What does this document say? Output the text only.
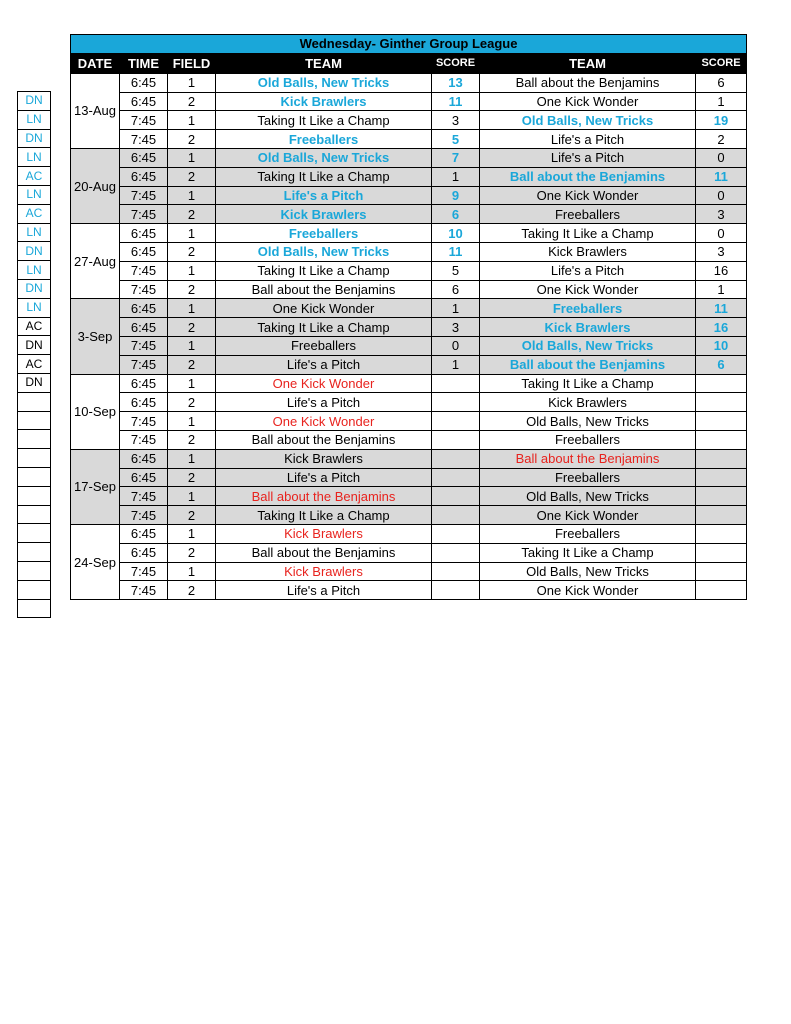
DN
LN
DN
LN
AC
LN
AC
LN
DN
LN
DN
LN
AC
DN
AC
DN

Wednesday- Ginther Group League						
DATE	TIME	FIELD	TEAM	SCORE	TEAM	SCORE
13-Aug	6:45	1	Old Balls, New Tricks	13	Ball about the Benjamins	6
	6:45	2	Kick Brawlers	11	One Kick Wonder	1
	7:45	1	Taking It Like a Champ	3	Old Balls, New Tricks	19
	7:45	2	Freeballers	5	Life's a Pitch	2
20-Aug	6:45	1	Old Balls, New Tricks	7	Life's a Pitch	0
	6:45	2	Taking It Like a Champ	1	Ball about the Benjamins	11
	7:45	1	Life's a Pitch	9	One Kick Wonder	0
	7:45	2	Kick Brawlers	6	Freeballers	3
27-Aug	6:45	1	Freeballers	10	Taking It Like a Champ	0
	6:45	2	Old Balls, New Tricks	11	Kick Brawlers	3
	7:45	1	Taking It Like a Champ	5	Life's a Pitch	16
	7:45	2	Ball about the Benjamins	6	One Kick Wonder	1
3-Sep	6:45	1	One Kick Wonder	1	Freeballers	11
	6:45	2	Taking It Like a Champ	3	Kick Brawlers	16
	7:45	1	Freeballers	0	Old Balls, New Tricks	10
	7:45	2	Life's a Pitch	1	Ball about the Benjamins	6
10-Sep	6:45	1	One Kick Wonder		Taking It Like a Champ	
	6:45	2	Life's a Pitch		Kick Brawlers	
	7:45	1	One Kick Wonder		Old Balls, New Tricks	
	7:45	2	Ball about the Benjamins		Freeballers	
17-Sep	6:45	1	Kick Brawlers		Ball about the Benjamins	
	6:45	2	Life's a Pitch		Freeballers	
	7:45	1	Ball about the Benjamins		Old Balls, New Tricks	
	7:45	2	Taking It Like a Champ		One Kick Wonder	
24-Sep	6:45	1	Kick Brawlers		Freeballers	
	6:45	2	Ball about the Benjamins		Taking It Like a Champ	
	7:45	1	Kick Brawlers		Old Balls, New Tricks	
	7:45	2	Life's a Pitch		One Kick Wonder	
